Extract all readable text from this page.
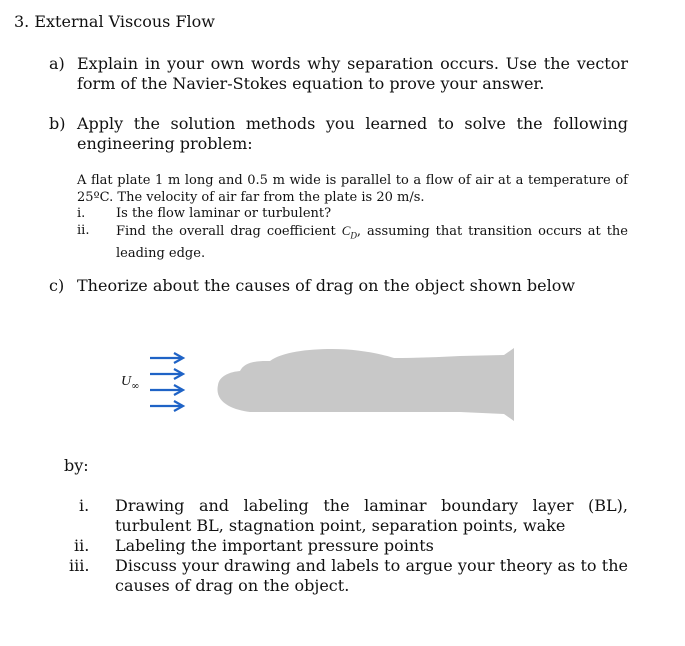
3. External Viscous Flow
a) Explain in your own words why separation occurs. Use the vector form of the Navier-Stokes equation to prove your answer.
b) Apply the solution methods you learned to solve the following engineering problem:
A flat plate 1 m long and 0.5 m wide is parallel to a flow of air at a temperature of 25ºC. The velocity of air far from the plate is 20 m/s.
i. Is the flow laminar or turbulent?
ii. Find the overall drag coefficient $C_D$, assuming that transition occurs at the leading edge.
c) Theorize about the causes of drag on the object shown below
$U_\infty$
by:
i. Drawing and labeling the laminar boundary layer (BL), turbulent BL, stagnation point, separation points, wake
ii. Labeling the important pressure points
iii. Discuss your drawing and labels to argue your theory as to the causes of drag on the object.
